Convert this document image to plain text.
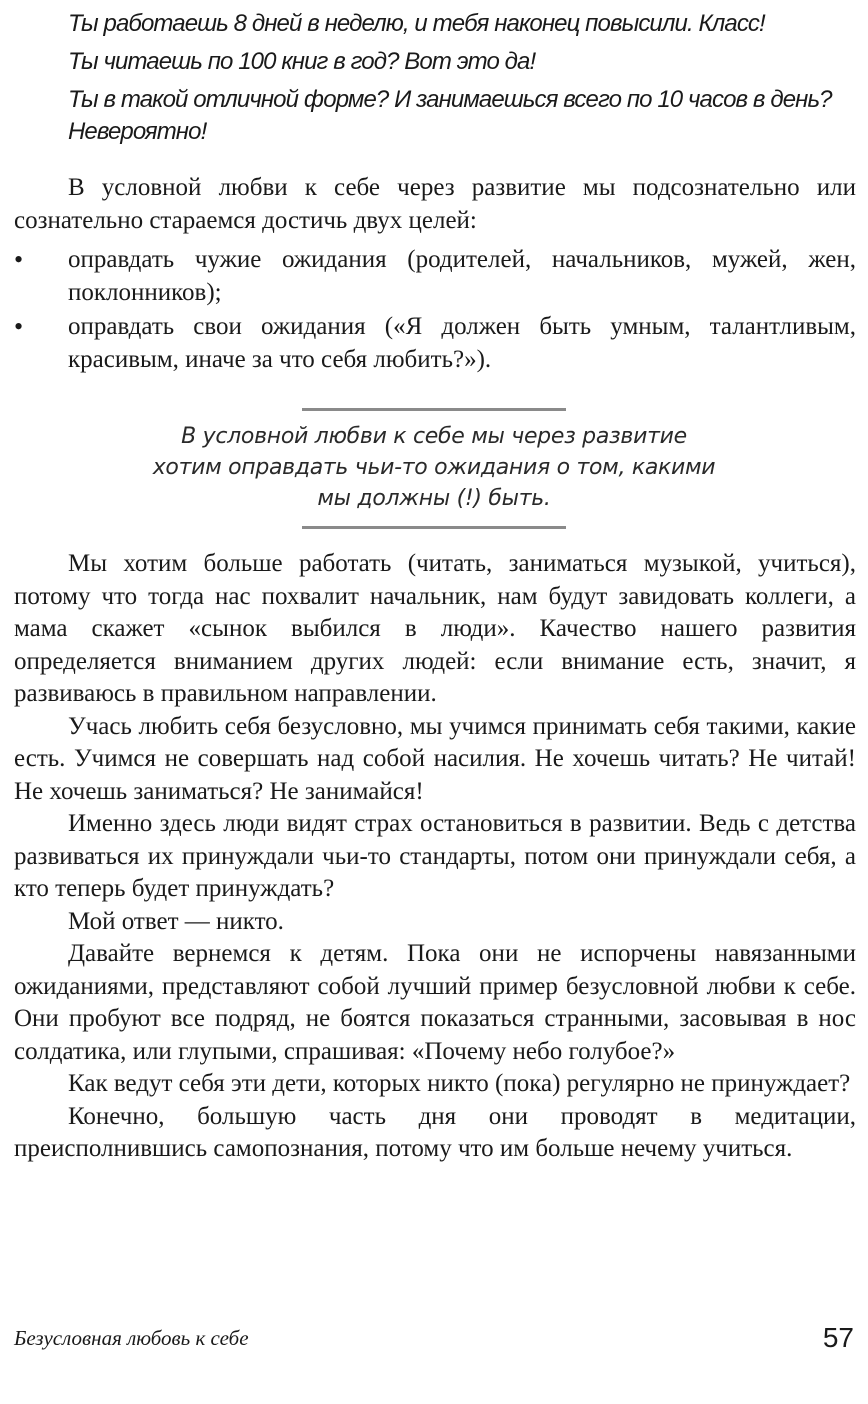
Ты работаешь 8 дней в неделю, и тебя наконец повысили. Класс!

Ты читаешь по 100 книг в год? Вот это да!

Ты в такой отличной форме? И занимаешься всего по 10 часов в день? Невероятно!

В условной любви к себе через развитие мы подсознательно или сознательно стараемся достичь двух целей:

•	оправдать чужие ожидания (родителей, начальников, мужей, жен, поклонников);
•	оправдать свои ожидания («Я должен быть умным, талантливым, красивым, иначе за что себя любить?»).
В условной любви к себе мы через развитие хотим оправдать чьи-то ожидания о том, какими мы должны (!) быть.

Мы хотим больше работать (читать, заниматься музыкой, учиться), потому что тогда нас похвалит начальник, нам будут завидовать коллеги, а мама скажет «сынок выбился в люди». Качество нашего развития определяется вниманием других людей: если внимание есть, значит, я развиваюсь в правильном направлении.

Учась любить себя безусловно, мы учимся принимать себя такими, какие есть. Учимся не совершать над собой насилия. Не хочешь читать? Не читай! Не хочешь заниматься? Не занимайся!

Именно здесь люди видят страх остановиться в развитии. Ведь с детства развиваться их принуждали чьи-то стандарты, потом они принуждали себя, а кто теперь будет принуждать?

Мой ответ — никто.

Давайте вернемся к детям. Пока они не испорчены навязанными ожиданиями, представляют собой лучший пример безусловной любви к себе. Они пробуют все подряд, не боятся показаться странными, засовывая в нос солдатика, или глупыми, спрашивая: «Почему небо голубое?»

Как ведут себя эти дети, которых никто (пока) регулярно не принуждает?

Конечно, большую часть дня они проводят в медитации, преисполнившись самопознания, потому что им больше нечему учиться.

Безусловная любовь к себе	57
